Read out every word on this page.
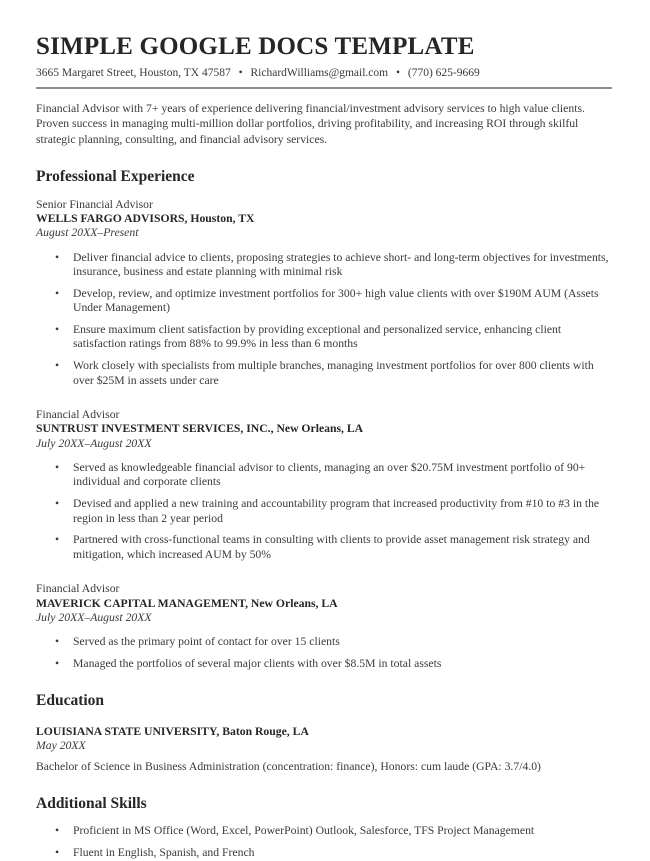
SIMPLE GOOGLE DOCS TEMPLATE

3665 Margaret Street, Houston, TX 47587 • RichardWilliams@gmail.com • (770) 625-9669

Financial Advisor with 7+ years of experience delivering financial/investment advisory services to high value clients. Proven success in managing multi-million dollar portfolios, driving profitability, and increasing ROI through skilful strategic planning, consulting, and financial advisory services.

Professional Experience

Senior Financial Advisor

WELLS FARGO ADVISORS, Houston, TX

August 20XX–Present

• Deliver financial advice to clients, proposing strategies to achieve short- and long-term objectives for investments, insurance, business and estate planning with minimal risk
• Develop, review, and optimize investment portfolios for 300+ high value clients with over $190M AUM (Assets Under Management)
• Ensure maximum client satisfaction by providing exceptional and personalized service, enhancing client satisfaction ratings from 88% to 99.9% in less than 6 months
• Work closely with specialists from multiple branches, managing investment portfolios for over 800 clients with over $25M in assets under care

Financial Advisor

SUNTRUST INVESTMENT SERVICES, INC., New Orleans, LA

July 20XX–August 20XX

• Served as knowledgeable financial advisor to clients, managing an over $20.75M investment portfolio of 90+ individual and corporate clients
• Devised and applied a new training and accountability program that increased productivity from #10 to #3 in the region in less than 2 year period
• Partnered with cross-functional teams in consulting with clients to provide asset management risk strategy and mitigation, which increased AUM by 50%

Financial Advisor

MAVERICK CAPITAL MANAGEMENT, New Orleans, LA

July 20XX–August 20XX

• Served as the primary point of contact for over 15 clients
• Managed the portfolios of several major clients with over $8.5M in total assets
Education

LOUISIANA STATE UNIVERSITY, Baton Rouge, LA

May 20XX

Bachelor of Science in Business Administration (concentration: finance), Honors: cum laude (GPA: 3.7/4.0)

Additional Skills
• Proficient in MS Office (Word, Excel, PowerPoint) Outlook, Salesforce, TFS Project Management
• Fluent in English, Spanish, and French
